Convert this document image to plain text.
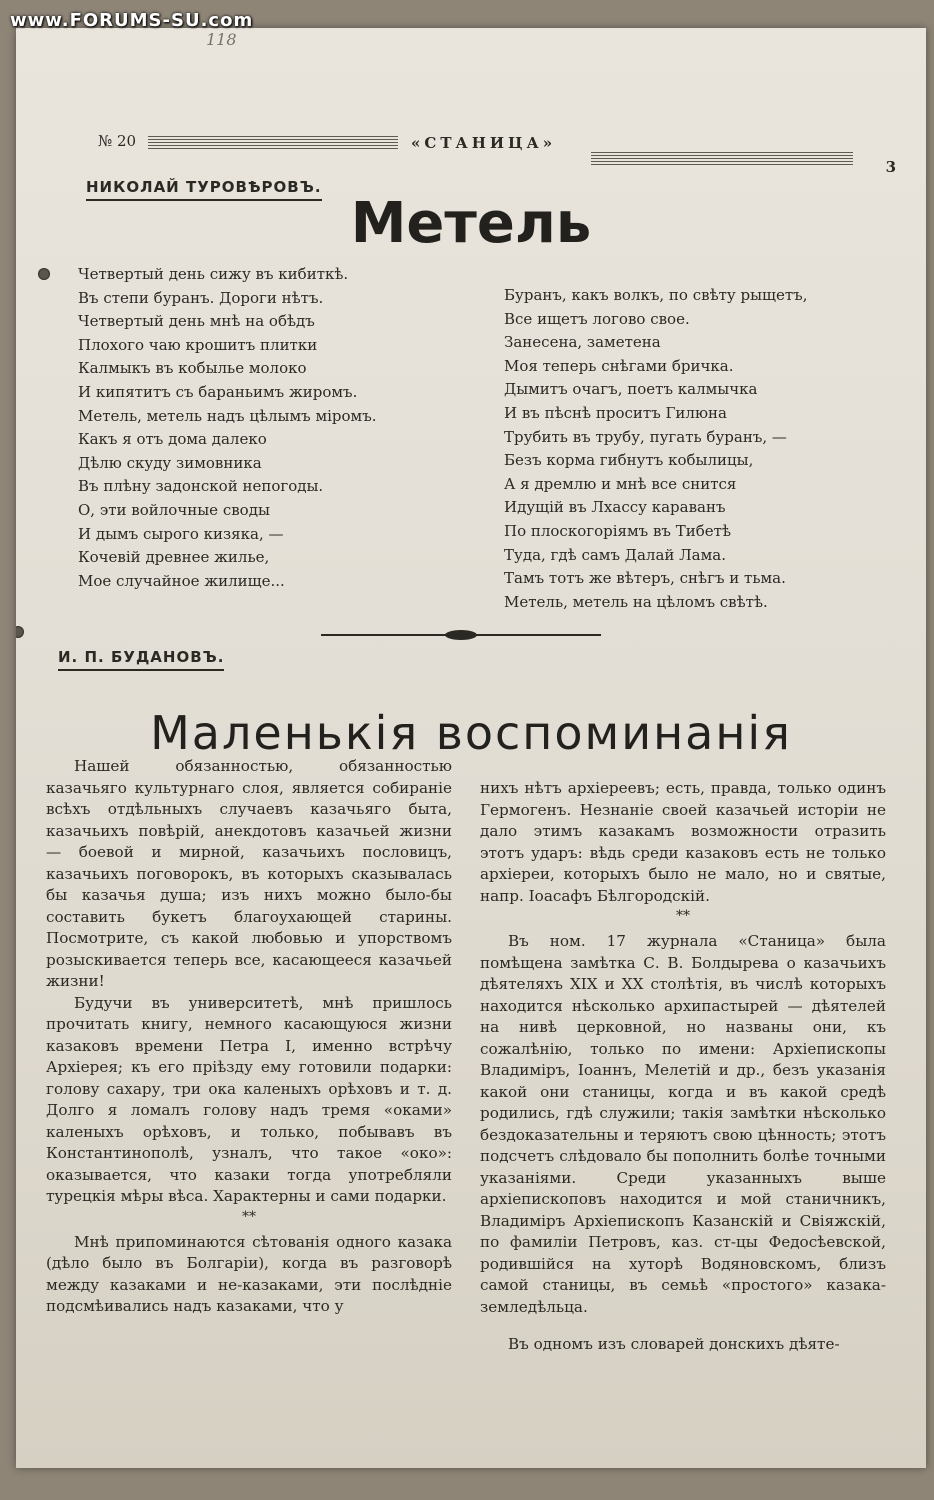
www.FORUMS-SU.com
118
№ 20	«СТАНИЦА»
3
НИКОЛАЙ ТУРОВѢРОВЪ.
Метель
Четвертый день сижу въ кибиткѣ.
Въ степи буранъ. Дороги нѣтъ.
Четвертый день мнѣ на обѣдъ
Плохого чаю крошитъ плитки
Калмыкъ въ кобылье молоко
И кипятитъ съ бараньимъ жиромъ.
Метель, метель надъ цѣлымъ міромъ.
Какъ я отъ дома далеко
Дѣлю скуду зимовника
Въ плѣну задонской непогоды.
О, эти войлочные своды
И дымъ сырого кизяка, —
Кочевій древнее жилье,
Мое случайное жилище...
Буранъ, какъ волкъ, по свѣту рыщетъ,
Все ищетъ логово свое.
Занесена, заметена
Моя теперь снѣгами бричка.
Дымитъ очагъ, поетъ калмычка
И въ пѣснѣ проситъ Гилюна
Трубить въ трубу, пугать буранъ, —
Безъ корма гибнутъ кобылицы,
А я дремлю и мнѣ все снится
Идущій въ Лхассу караванъ
По плоскогоріямъ въ Тибетѣ
Туда, гдѣ самъ Далай Лама.
Тамъ тотъ же вѣтеръ, снѣгъ и тьма.
Метель, метель на цѣломъ свѣтѣ.
И. П. БУДАНОВЪ.
Маленькія воспоминанія

Нашей обязанностью, обязанностью казачьяго культурнаго слоя, является собираніе всѣхъ отдѣльныхъ случаевъ казачьяго быта, казачьихъ повѣрій, анекдотовъ казачьей жизни — боевой и мирной, казачьихъ пословицъ, казачьихъ поговорокъ, въ которыхъ сказывалась бы казачья душа; изъ нихъ можно было-бы составить букетъ благоухающей старины. Посмотрите, съ какой любовью и упорствомъ розыскивается теперь все, касающееся казачьей жизни!

Будучи въ университетѣ, мнѣ пришлось прочитать книгу, немного касающуюся жизни казаковъ времени Петра I, именно встрѣчу Архіерея; къ его пріѣзду ему готовили подарки: голову сахару, три ока каленыхъ орѣховъ и т. д. Долго я ломалъ голову надъ тремя «оками» каленыхъ орѣховъ, и только, побывавъ въ Константинополѣ, узналъ, что такое «око»: оказывается, что казаки тогда употребляли турецкія мѣры вѣса. Характерны и сами подарки.

**

Мнѣ припоминаются сѣтованія одного казака (дѣло было въ Болгаріи), когда въ разговорѣ между казаками и не-казаками, эти послѣдніе подсмѣивались надъ казаками, что у

нихъ нѣтъ архіереевъ; есть, правда, только одинъ Гермогенъ. Незнаніе своей казачьей исторіи не дало этимъ казакамъ возможности отразить этотъ ударъ: вѣдь среди казаковъ есть не только архіереи, которыхъ было не мало, но и святые, напр. Іоасафъ Бѣлгородскій.

**

Въ ном. 17 журнала «Станица» была помѣщена замѣтка С. В. Болдырева о казачьихъ дѣятеляхъ XIX и XX столѣтія, въ числѣ которыхъ находится нѣсколько архипастырей — дѣятелей на нивѣ церковной, но названы они, къ сожалѣнію, только по имени: Архіепископы Владиміръ, Іоаннъ, Мелетій и др., безъ указанія какой они станицы, когда и въ какой средѣ родились, гдѣ служили; такія замѣтки нѣсколько бездоказательны и теряютъ свою цѣнность; этотъ подсчетъ слѣдовало бы пополнить болѣе точными указаніями. Среди указанныхъ выше архіепископовъ находится и мой станичникъ, Владиміръ Архіепископъ Казанскій и Свіяжскій, по фамиліи Петровъ, каз. ст-цы Федосѣевской, родившійся на хуторѣ Водяновскомъ, близъ самой станицы, въ семьѣ «простого» казака-земледѣльца.

Въ одномъ изъ словарей донскихъ дѣяте-
